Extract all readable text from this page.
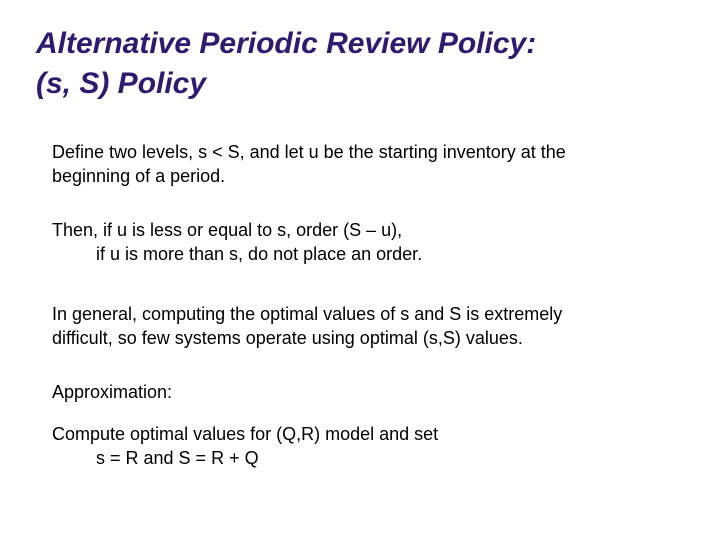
Alternative Periodic Review Policy:
(s, S) Policy

Define two levels, s < S, and let u be the starting inventory at the
beginning of a period.

Then, if u is less or equal to s, order (S – u),
if u is more than s, do not place an order.

In general, computing the optimal values of s and S is extremely
difficult, so few systems operate using optimal (s,S) values.

Approximation:

Compute optimal values for (Q,R) model and set
s = R and S = R + Q
